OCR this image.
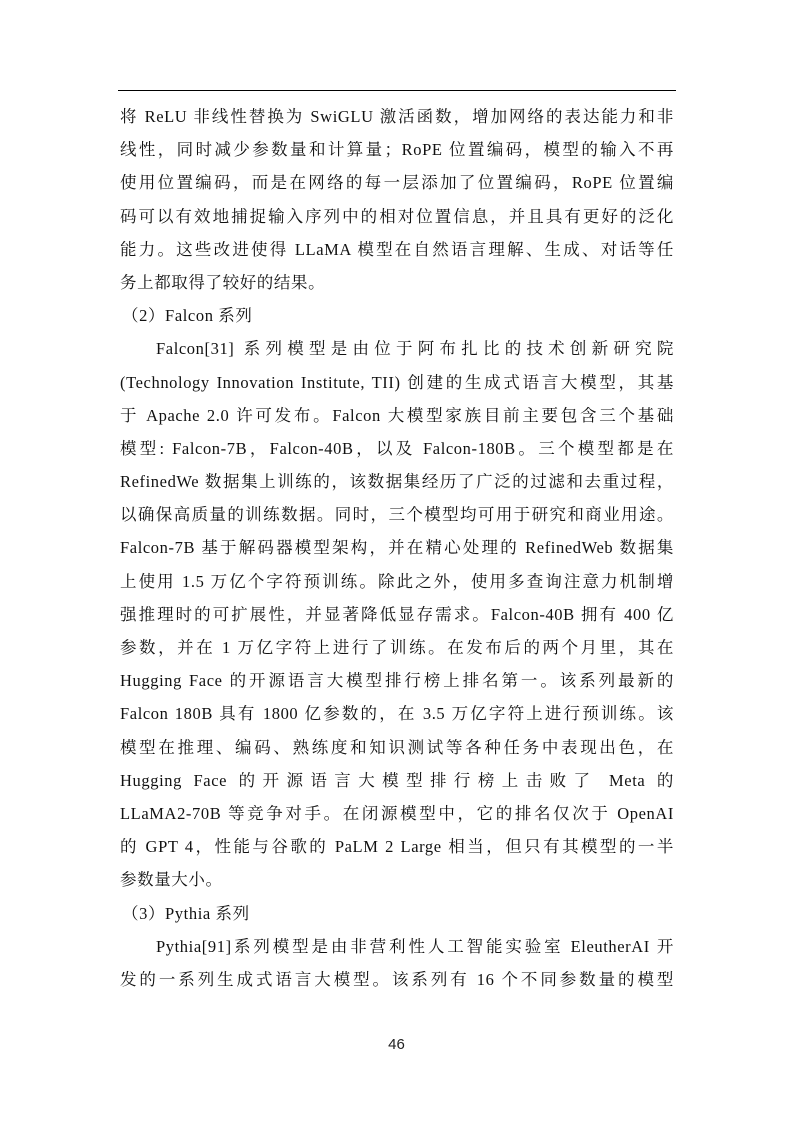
将 ReLU 非线性替换为 SwiGLU 激活函数，增加网络的表达能力和非
线性，同时减少参数量和计算量；RoPE 位置编码，模型的输入不再
使用位置编码，而是在网络的每一层添加了位置编码，RoPE 位置编
码可以有效地捕捉输入序列中的相对位置信息，并且具有更好的泛化
能力。这些改进使得 LLaMA 模型在自然语言理解、生成、对话等任
务上都取得了较好的结果。
（2）Falcon 系列
Falcon[31] 系列模型是由位于阿布扎比的技术创新研究院
(Technology Innovation Institute, TII) 创建的生成式语言大模型，其基
于 Apache 2.0 许可发布。Falcon 大模型家族目前主要包含三个基础
模型: Falcon-7B，Falcon-40B，以及 Falcon-180B。三个模型都是在
RefinedWe 数据集上训练的，该数据集经历了广泛的过滤和去重过程，
以确保高质量的训练数据。同时，三个模型均可用于研究和商业用途。
Falcon-7B 基于解码器模型架构，并在精心处理的 RefinedWeb 数据集
上使用 1.5 万亿个字符预训练。除此之外，使用多查询注意力机制增
强推理时的可扩展性，并显著降低显存需求。Falcon-40B 拥有 400 亿
参数，并在 1 万亿字符上进行了训练。在发布后的两个月里，其在
Hugging Face 的开源语言大模型排行榜上排名第一。该系列最新的
Falcon 180B 具有 1800 亿参数的，在 3.5 万亿字符上进行预训练。该
模型在推理、编码、熟练度和知识测试等各种任务中表现出色，在
Hugging Face 的开源语言大模型排行榜上击败了 Meta 的
LLaMA2-70B 等竞争对手。在闭源模型中，它的排名仅次于 OpenAI
的 GPT 4，性能与谷歌的 PaLM 2 Large 相当，但只有其模型的一半
参数量大小。
（3）Pythia 系列
Pythia[91]系列模型是由非营利性人工智能实验室 EleutherAI 开
发的一系列生成式语言大模型。该系列有 16 个不同参数量的模型
46
